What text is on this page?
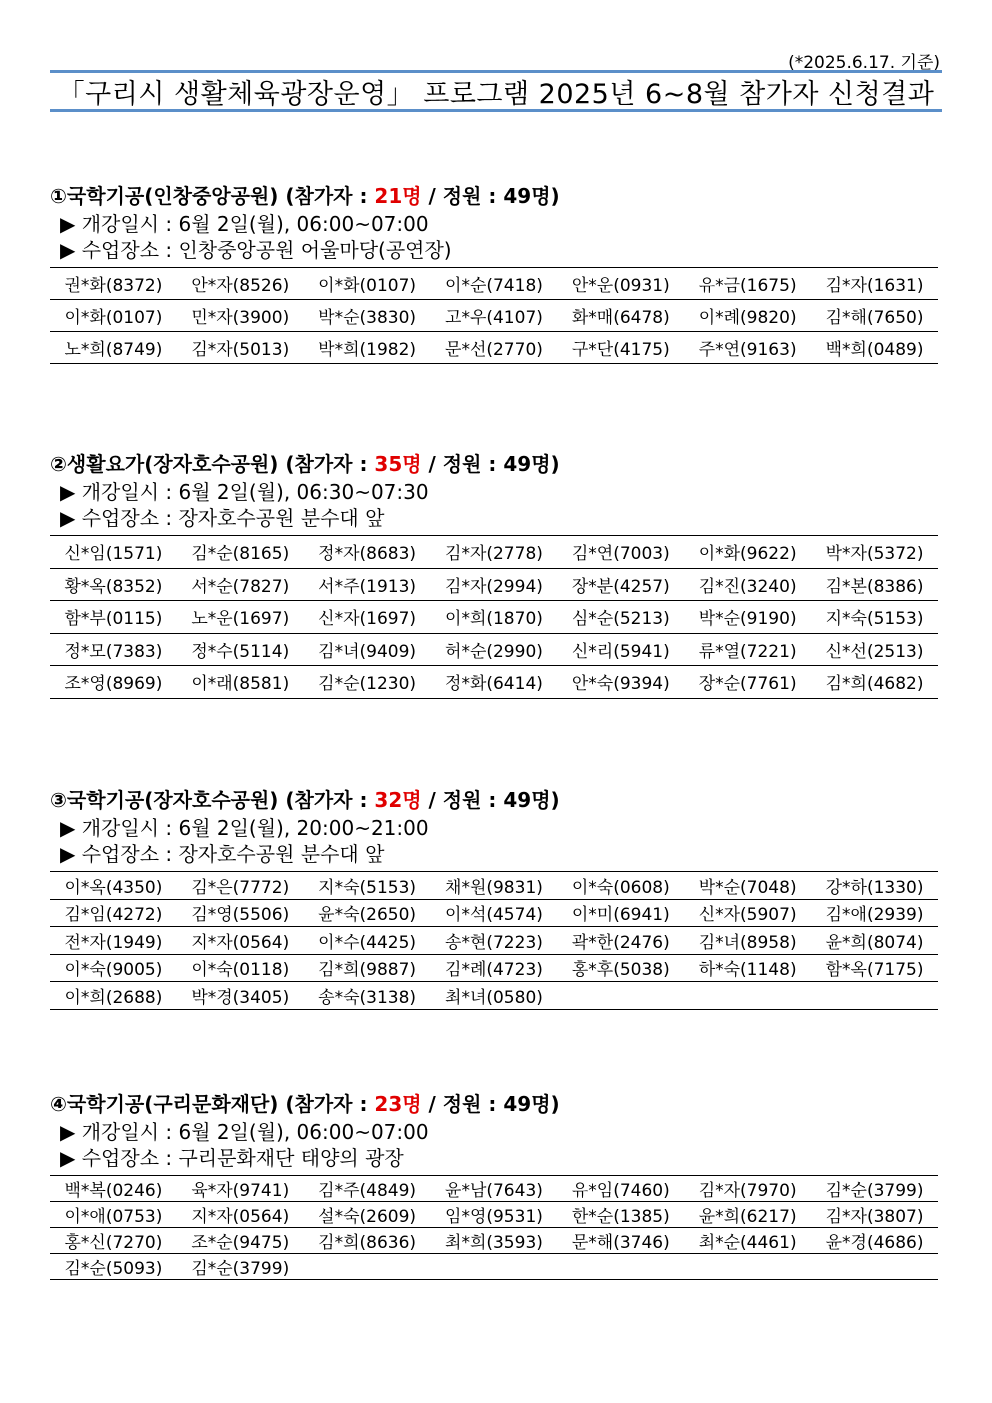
(*2025.6.17. 기준)
「구리시 생활체육광장운영」 프로그램 2025년 6~8월 참가자 신청결과
①국학기공(인창중앙공원) (참가자 : 21명 / 정원 : 49명)
▶ 개강일시 : 6월 2일(월), 06:00~07:00
▶ 수업장소 : 인창중앙공원 어울마당(공연장)
권*화(8372)	안*자(8526)	이*화(0107)	이*순(7418)	안*운(0931)	유*금(1675)	김*자(1631)
이*화(0107)	민*자(3900)	박*순(3830)	고*우(4107)	화*매(6478)	이*례(9820)	김*해(7650)
노*희(8749)	김*자(5013)	박*희(1982)	문*선(2770)	구*단(4175)	주*연(9163)	백*희(0489)
②생활요가(장자호수공원) (참가자 : 35명 / 정원 : 49명)
▶ 개강일시 : 6월 2일(월), 06:30~07:30
▶ 수업장소 : 장자호수공원 분수대 앞
신*임(1571)	김*순(8165)	정*자(8683)	김*자(2778)	김*연(7003)	이*화(9622)	박*자(5372)
황*옥(8352)	서*순(7827)	서*주(1913)	김*자(2994)	장*분(4257)	김*진(3240)	김*본(8386)
함*부(0115)	노*운(1697)	신*자(1697)	이*희(1870)	심*순(5213)	박*순(9190)	지*숙(5153)
정*모(7383)	정*수(5114)	김*녀(9409)	허*순(2990)	신*리(5941)	류*열(7221)	신*선(2513)
조*영(8969)	이*래(8581)	김*순(1230)	정*화(6414)	안*숙(9394)	장*순(7761)	김*희(4682)
③국학기공(장자호수공원) (참가자 : 32명 / 정원 : 49명)
▶ 개강일시 : 6월 2일(월), 20:00~21:00
▶ 수업장소 : 장자호수공원 분수대 앞
이*옥(4350)	김*은(7772)	지*숙(5153)	채*원(9831)	이*숙(0608)	박*순(7048)	강*하(1330)
김*임(4272)	김*영(5506)	윤*숙(2650)	이*석(4574)	이*미(6941)	신*자(5907)	김*애(2939)
전*자(1949)	지*자(0564)	이*수(4425)	송*현(7223)	곽*한(2476)	김*녀(8958)	윤*희(8074)
이*숙(9005)	이*숙(0118)	김*희(9887)	김*례(4723)	홍*후(5038)	하*숙(1148)	함*옥(7175)
이*희(2688)	박*경(3405)	송*숙(3138)	최*녀(0580)			
④국학기공(구리문화재단) (참가자 : 23명 / 정원 : 49명)
▶ 개강일시 : 6월 2일(월), 06:00~07:00
▶ 수업장소 : 구리문화재단 태양의 광장
백*복(0246)	육*자(9741)	김*주(4849)	윤*남(7643)	유*임(7460)	김*자(7970)	김*순(3799)
이*애(0753)	지*자(0564)	설*숙(2609)	임*영(9531)	한*순(1385)	윤*희(6217)	김*자(3807)
홍*신(7270)	조*순(9475)	김*희(8636)	최*희(3593)	문*해(3746)	최*순(4461)	윤*경(4686)
김*순(5093)	김*순(3799)					
